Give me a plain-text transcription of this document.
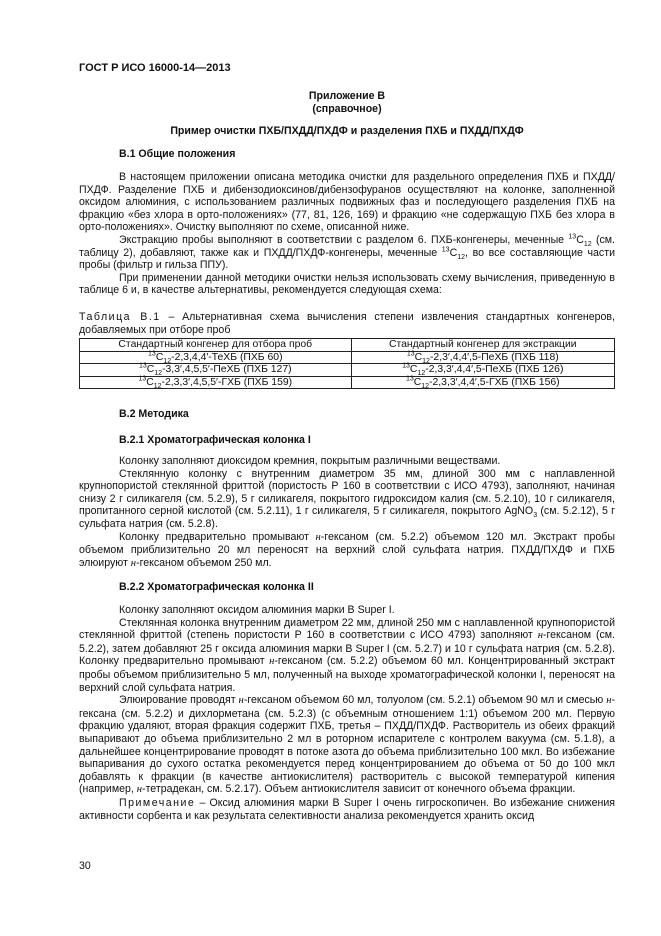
ГОСТ Р ИСО 16000-14—2013
Приложение В
(справочное)
Пример очистки ПХБ/ПХДД/ПХДФ и разделения ПХБ и ПХДД/ПХДФ

В.1 Общие положения

В настоящем приложении описана методика очистки для раздельного определения ПХБ и ПХДД/ПХДФ. Разделение ПХБ и дибензодиоксинов/дибензофуранов осуществляют на колонке, заполненной оксидом алюминия, с использованием различных подвижных фаз и последующего разделения ПХБ на фракцию «без хлора в орто-положениях» (77, 81, 126, 169) и фракцию «не содержащую ПХБ без хлора в орто-положениях». Очистку выполняют по схеме, описанной ниже.

Экстракцию пробы выполняют в соответствии с разделом 6. ПХБ-конгенеры, меченные $^{13}C_{12}$ (см. таблицу 2), добавляют, также как и ПХДД/ПХДФ-конгенеры, меченные $^{13}C_{12}$, во все составляющие части пробы (фильтр и гильза ППУ).

При применении данной методики очистки нельзя использовать схему вычисления, приведенную в таблице 6 и, в качестве альтернативы, рекомендуется следующая схема:

Таблица В.1 – Альтернативная схема вычисления степени извлечения стандартных конгенеров, добавляемых при отборе проб

Стандартный конгенер для отбора проб	Стандартный конгенер для экстракции
$^{13}C_{12}-2,3,4,4'$-ТеХБ (ПХБ 60)	$^{13}C_{12}-2,3',4,4',5$-ПеХБ (ПХБ 118)
$^{13}C_{12}-3,3',4,5,5'$-ПеХБ (ПХБ 127)	$^{13}C_{12}-2,3,3',4,4',5$-ПеХБ (ПХБ 126)
$^{13}C_{12}-2,3,3',4,5,5'$-ГХБ (ПХБ 159)	$^{13}C_{12}-2,3,3',4,4',5$-ГХБ (ПХБ 156)

В.2 Методика

В.2.1 Хроматографическая колонка I

Колонку заполняют диоксидом кремния, покрытым различными веществами.

Стеклянную колонку с внутренним диаметром 35 мм, длиной 300 мм с наплавленной крупнопористой стеклянной фриттой (пористость Р 160 в соответствии с ИСО 4793), заполняют, начиная снизу 2 г силикагеля (см. 5.2.9), 5 г силикагеля, покрытого гидроксидом калия (см. 5.2.10), 10 г силикагеля, пропитанного серной кислотой (см. 5.2.11), 1 г силикагеля, 5 г силикагеля, покрытого AgNO$_3$ (см. 5.2.12), 5 г сульфата натрия (см. 5.2.8).

Колонку предварительно промывают н-гексаном (см. 5.2.2) объемом 120 мл. Экстракт пробы объемом приблизительно 20 мл переносят на верхний слой сульфата натрия. ПХДД/ПХДФ и ПХБ элюируют н-гексаном объемом 250 мл.

В.2.2 Хроматографическая колонка II

Колонку заполняют оксидом алюминия марки B Super I.

Стеклянная колонка внутренним диаметром 22 мм, длиной 250 мм с наплавленной крупнопористой стеклянной фриттой (степень пористости P 160 в соответствии с ИСО 4793) заполняют н-гексаном (см. 5.2.2), затем добавляют 25 г оксида алюминия марки B Super I (см. 5.2.7) и 10 г сульфата натрия (см. 5.2.8). Колонку предварительно промывают н-гексаном (см. 5.2.2) объемом 60 мл. Концентрированный экстракт пробы объемом приблизительно 5 мл, полученный на выходе хроматографической колонки I, переносят на верхний слой сульфата натрия.

Элюирование проводят н-гексаном объемом 60 мл, толуолом (см. 5.2.1) объемом 90 мл и смесью н-гексана (см. 5.2.2) и дихлорметана (см. 5.2.3) (с объемным отношением 1:1) объемом 200 мл. Первую фракцию удаляют, вторая фракция содержит ПХБ, третья – ПХДД/ПХДФ. Растворитель из обеих фракций выпаривают до объема приблизительно 2 мл в роторном испарителе с контролем вакуума (см. 5.1.8), а дальнейшее концентрирование проводят в потоке азота до объема приблизительно 100 мкл. Во избежание выпаривания до сухого остатка рекомендуется перед концентрированием до объема от 50 до 100 мкл добавлять к фракции (в качестве антиокислителя) растворитель с высокой температурой кипения (например, н-тетрадекан, см. 5.2.17). Объем антиокислителя зависит от конечного объема фракции.

Примечание – Оксид алюминия марки B Super I очень гигроскопичен. Во избежание снижения активности сорбента и как результата селективности анализа рекомендуется хранить оксид

30
